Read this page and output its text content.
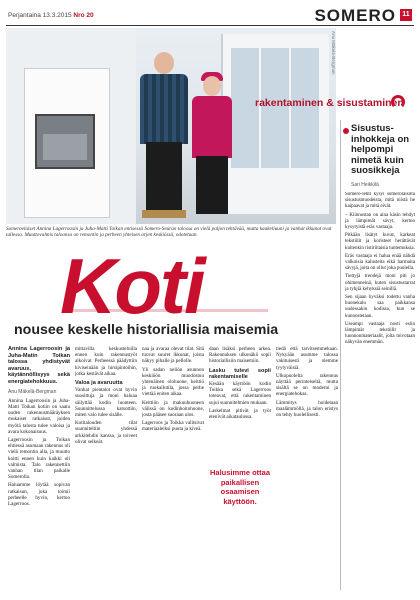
Perjantaina 13.3.2015 Nro 20	SOMERO 11
Anu Mäkelä-Bergman
rakentaminen & sisustaminen
Someroelaiset Annina Lagerroosin ja Juha-Matti Toikan entisessä Somero-Seuran talossa on vielä paljon tehtävää, mutta kaakeliuuni ja vanhat ikkunat ovat tallessa. Muuttovalmis taloonsa on remontin ja perheen yhteisen arjen keskiössä, odotetaan.
Sisustus-inhokkeja on helpompi nimetä kuin suosikkeja
Sari Heikkilä

Somero-lehti kysyi somerolaisilta sisustusmuodeista, mitä niistä he kaipaavat ja mitä eivät.

– Kiinnostan on aina käsin tehdyt ja lämpimät sävyt, kertoo kysytyistä eräs vastaaja.

Pitkään lisätyt kuvat, karkeat tekstiilit ja koristeet herättävät kuitenkin ristiriitaisia tuntemuksia.

Eräs vastaaja ei halua enää nähdä valkoisia kalusteita eikä harmaita sävyjä, joita on ollut joka puolella.

Tiettyjä trendejä moni piti jo ohimenneinä, kuten sisustustarrat ja tyhjiä kehyksiä seinillä.

Sen sijaan hyväksi todettu vanha huonekalu saa paikkansa uudessakin kodissa, kun se kunnostetaan.

Useampi vastaaja nosti esiin lämpimät tekstiilit ja luonnonmateriaalit, joita toivotaan näkyvän enemmän.

Koti
nousee keskelle historiallisia maisemia
Annina Lagerroosin ja Juha-Matin Toikan talossa yhdistyvät avaruus, käytännöllisyys sekä energiatehokkuus.
Anu Mäkelä-Bergman

Annina Lagerroosin ja Juha-Matti Toikan kotiin on saatu uuden rakennusmääräyksen mukaiset ratkaisut, joiden myötä talosta tulee valoisa ja avara kokonaisuus.

Lagerroosin ja Toikan ehtiessä asumaan rakennus oli vielä remontin alla, ja muutto koitti ennen kuin kaikki oli valmista. Talo rakennettiin vanhan tilan paikalle Somerolla.

Haluamme löytää sopivan ratkaisun, joka toimii perheelle hyvin, kertoo Lagerroos.

mittavilla keskusteluilla ennen kuin rakennustyöt alkoivat. Perheessä päädyttiin kiviseinään ja hirsipintoihin, jotka kestävät aikaa.

Valoa ja avaruutta

Vanhat pientalot ovat hyvin suosittuja ja moni haluaa säilyttää kodin luonteen. Suunnittelussa katsottiin, miten valo tulee sisälle.

Kotitalouden tilat suunniteltiin yhdessä arkkitehdin kanssa, ja toiveet olivat selkeät.

naa ja avaraa olevat tilat. Sitä tuovat suuret ikkunat, joista näkyy pihalle ja pellolle.

Yli sadan neliön asunnon keskiöön muodostuu yhtenäinen olohuone, keittiö ja ruokailutila, jossa perhe viettää eniten aikaa.

Keittiön ja makuuhuoneen välissä on kodinhoitohuone, josta pääsee suoraan ulos.

Lagerroos ja Toikka valitsivat materiaaleiksi puuta ja kiveä.

daan lisäksi perheen arkea. Rakennuksen ulkonäkö sopii historiallisiin maisemiin.

Lasku tulevi sopii rakentamiselle

Kesään käyttöön kodin Toikka sekä Lagerroos toteavat, että rakentaminen sujui suunnitelmien mukaan.

Laskelmat pitivät ja työt etenivät aikataulussa.

tiedä että tarvitsemmekaan. Nykyään asumme talossa vakituisesti ja olemme tyytyväisiä.

Ulkopuolelta rakennus näyttää perinteiseltä, mutta sisältä se on moderni ja energiatehokas.

Lämmitys hoidetaan maalämmöllä, ja talon eristys on tehty huolellisesti.

Halusimme ottaa paikallisen osaamisen käyttöön.
